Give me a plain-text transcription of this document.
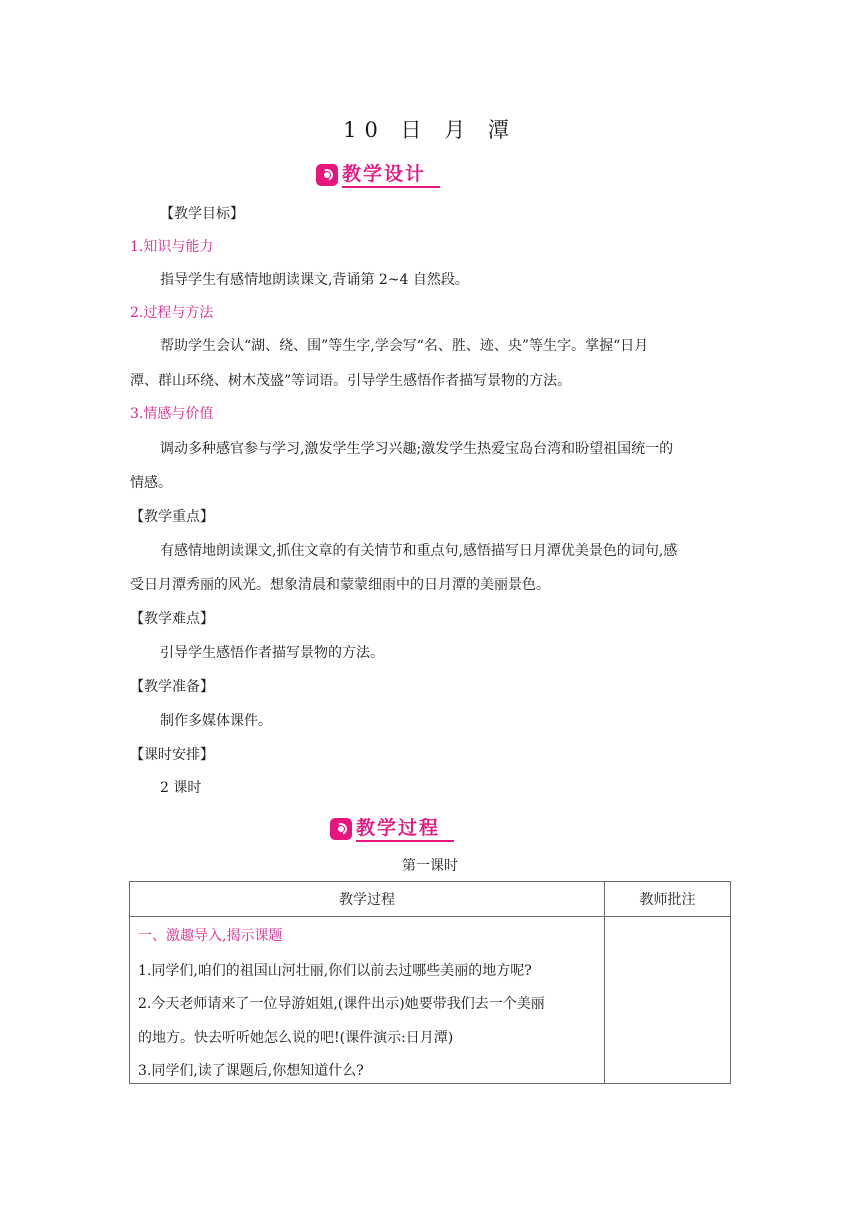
10 日 月 潭
教学设计
【教学目标】
1.知识与能力
指导学生有感情地朗读课文,背诵第 2~4 自然段。
2.过程与方法
帮助学生会认“湖、绕、围”等生字,学会写“名、胜、迹、央”等生字。掌握“日月
潭、群山环绕、树木茂盛”等词语。引导学生感悟作者描写景物的方法。
3.情感与价值
调动多种感官参与学习,激发学生学习兴趣;激发学生热爱宝岛台湾和盼望祖国统一的
情感。
【教学重点】
有感情地朗读课文,抓住文章的有关情节和重点句,感悟描写日月潭优美景色的词句,感
受日月潭秀丽的风光。想象清晨和蒙蒙细雨中的日月潭的美丽景色。
【教学难点】
引导学生感悟作者描写景物的方法。
【教学准备】
制作多媒体课件。
【课时安排】
2 课时
教学过程
第一课时
教学过程	教师批注
一、激趣导入,揭示课题
1.同学们,咱们的祖国山河壮丽,你们以前去过哪些美丽的地方呢?
2.今天老师请来了一位导游姐姐,(课件出示)她要带我们去一个美丽
的地方。快去听听她怎么说的吧!(课件演示:日月潭)
3.同学们,读了课题后,你想知道什么?
